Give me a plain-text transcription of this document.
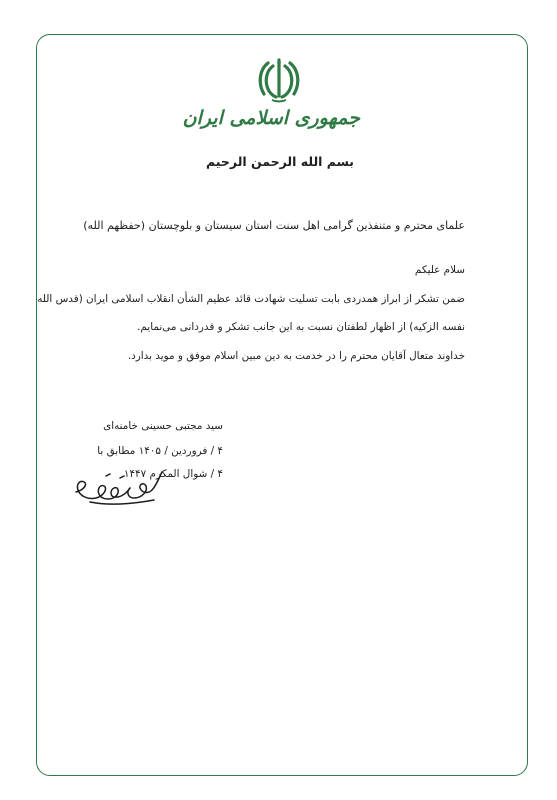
جمهوری اسلامی ایران
بسم الله الرحمن الرحیم
علمای محترم و متنفذین گرامی اهل سنت استان سیستان و بلوچستان (حفظهم الله)
سلام علیکم
ضمن تشکر از ابراز همدردی بابت تسلیت شهادت قائد عظیم الشأن انقلاب اسلامی ایران (قدس الله
نفسه الزکیه) از اظهار لطفتان نسبت به این جانب تشکر و قدردانی می‌نمایم.
خداوند متعال آقایان محترم را در خدمت به دین مبین اسلام موفق و موید بدارد.
سید مجتبی حسینی خامنه‌ای
۴ / فروردین / ۱۴۰۵ مطابق با
۴ / شوال المکرم ۱۴۴۷
